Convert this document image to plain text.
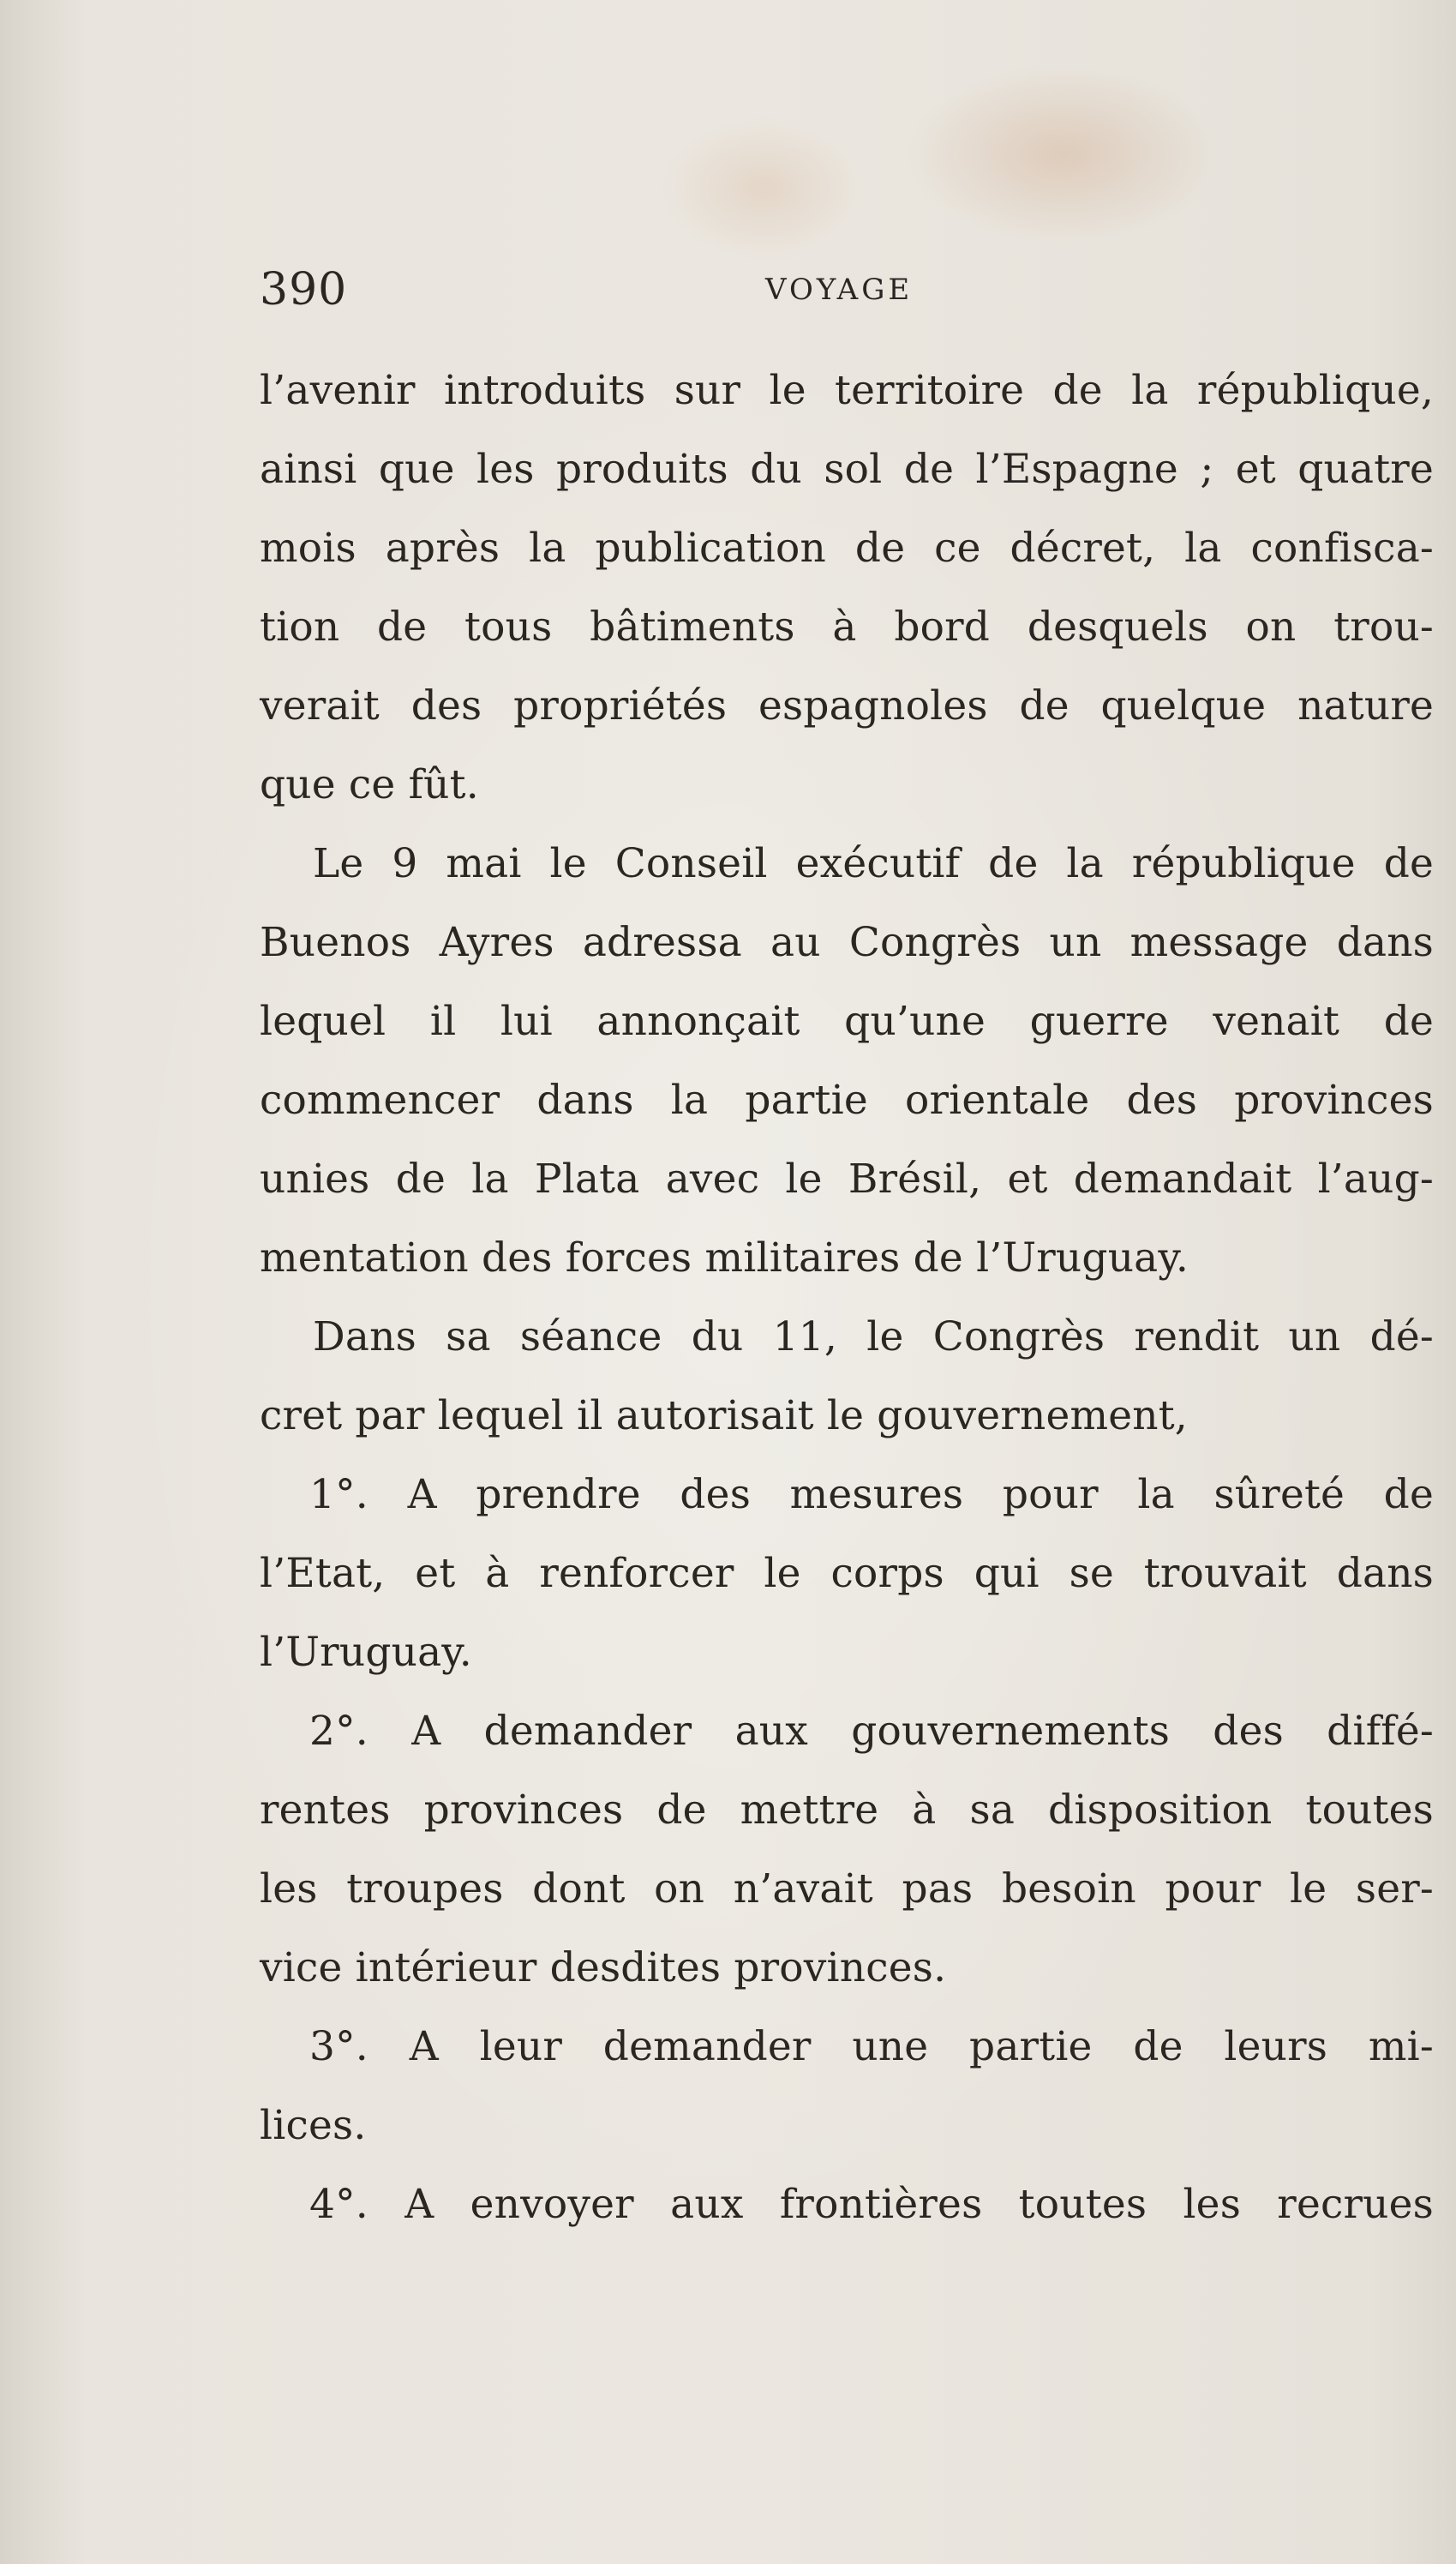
390	VOYAGE
l’avenir introduits sur le territoire de la république,
ainsi que les produits du sol de l’Espagne ; et quatre
mois après la publication de ce décret, la confisca-
tion de tous bâtiments à bord desquels on trou-
verait des propriétés espagnoles de quelque nature
que ce fût.
Le 9 mai le Conseil exécutif de la république de
Buenos Ayres adressa au Congrès un message dans
lequel il lui annonçait qu’une guerre venait de
commencer dans la partie orientale des provinces
unies de la Plata avec le Brésil, et demandait l’aug-
mentation des forces militaires de l’Uruguay.
Dans sa séance du 11, le Congrès rendit un dé-
cret par lequel il autorisait le gouvernement,
1°. A prendre des mesures pour la sûreté de
l’Etat, et à renforcer le corps qui se trouvait dans
l’Uruguay.
2°. A demander aux gouvernements des diffé-
rentes provinces de mettre à sa disposition toutes
les troupes dont on n’avait pas besoin pour le ser-
vice intérieur desdites provinces.
3°. A leur demander une partie de leurs mi-
lices.
4°. A envoyer aux frontières toutes les recrues
